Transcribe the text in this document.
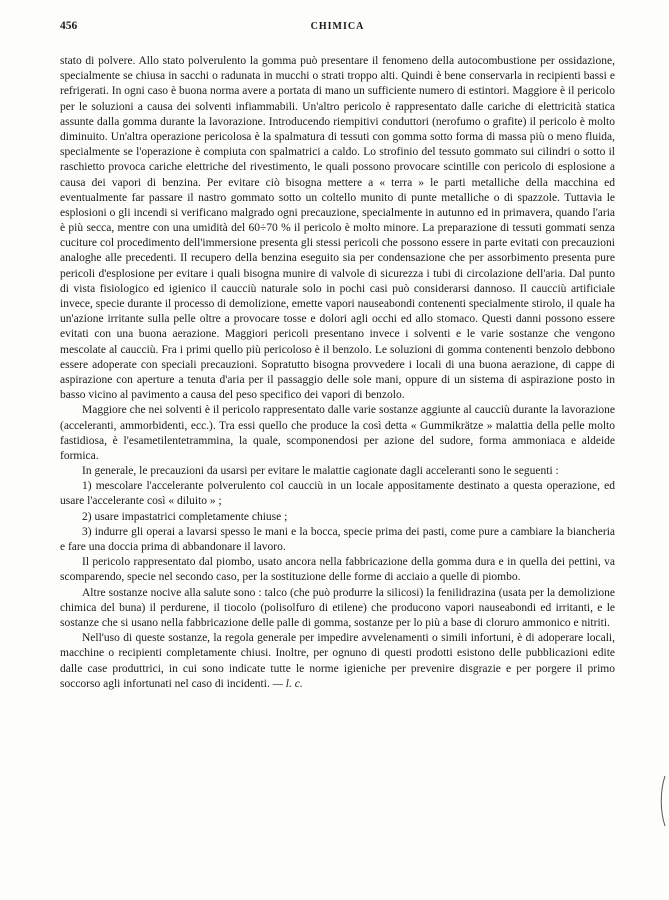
456	CHIMICA

stato di polvere. Allo stato polverulento la gomma può presentare il fenomeno della autocombustione per ossidazione, specialmente se chiusa in sacchi o radunata in mucchi o strati troppo alti. Quindi è bene conservarla in recipienti bassi e refrigerati. In ogni caso è buona norma avere a portata di mano un sufficiente numero di estintori. Maggiore è il pericolo per le soluzioni a causa dei solventi infiammabili. Un'altro pericolo è rappresentato dalle cariche di elettricità statica assunte dalla gomma durante la lavorazione. Introducendo riempitivi conduttori (nerofumo o grafite) il pericolo è molto diminuito. Un'altra operazione pericolosa è la spalmatura di tessuti con gomma sotto forma di massa più o meno fluida, specialmente se l'operazione è compiuta con spalmatrici a caldo. Lo strofinio del tessuto gommato sui cilindri o sotto il raschietto provoca cariche elettriche del rivestimento, le quali possono provocare scintille con pericolo di esplosione a causa dei vapori di benzina. Per evitare ciò bisogna mettere a « terra » le parti metalliche della macchina ed eventualmente far passare il nastro gommato sotto un coltello munito di punte metalliche o di spazzole. Tuttavia le esplosioni o gli incendi si verificano malgrado ogni precauzione, specialmente in autunno ed in primavera, quando l'aria è più secca, mentre con una umidità del 60÷70 % il pericolo è molto minore. La preparazione di tessuti gommati senza cuciture col procedimento dell'immersione presenta gli stessi pericoli che possono essere in parte evitati con precauzioni analoghe alle precedenti. Il recupero della benzina eseguito sia per condensazione che per assorbimento presenta pure pericoli d'esplosione per evitare i quali bisogna munire di valvole di sicurezza i tubi di circolazione dell'aria. Dal punto di vista fisiologico ed igienico il caucciù naturale solo in pochi casi può considerarsi dannoso. Il caucciù artificiale invece, specie durante il processo di demolizione, emette vapori nauseabondi contenenti specialmente stirolo, il quale ha un'azione irritante sulla pelle oltre a provocare tosse e dolori agli occhi ed allo stomaco. Questi danni possono essere evitati con una buona aerazione. Maggiori pericoli presentano invece i solventi e le varie sostanze che vengono mescolate al caucciù. Fra i primi quello più pericoloso è il benzolo. Le soluzioni di gomma contenenti benzolo debbono essere adoperate con speciali precauzioni. Sopratutto bisogna provvedere i locali di una buona aerazione, di cappe di aspirazione con aperture a tenuta d'aria per il passaggio delle sole mani, oppure di un sistema di aspirazione posto in basso vicino al pavimento a causa del peso specifico dei vapori di benzolo.

Maggiore che nei solventi è il pericolo rappresentato dalle varie sostanze aggiunte al caucciù durante la lavorazione (acceleranti, ammorbidenti, ecc.). Tra essi quello che produce la così detta « Gummikrätze » malattia della pelle molto fastidiosa, è l'esametilentetrammina, la quale, scomponendosi per azione del sudore, forma ammoniaca e aldeide formica.

In generale, le precauzioni da usarsi per evitare le malattie cagionate dagli acceleranti sono le seguenti :

1) mescolare l'accelerante polverulento col caucciù in un locale appositamente destinato a questa operazione, ed usare l'accelerante così « diluito » ;

2) usare impastatrici completamente chiuse ;

3) indurre gli operai a lavarsi spesso le mani e la bocca, specie prima dei pasti, come pure a cambiare la biancheria e fare una doccia prima di abbandonare il lavoro.

Il pericolo rappresentato dal piombo, usato ancora nella fabbricazione della gomma dura e in quella dei pettini, va scomparendo, specie nel secondo caso, per la sostituzione delle forme di acciaio a quelle di piombo.

Altre sostanze nocive alla salute sono : talco (che può produrre la silicosi) la fenilidrazina (usata per la demolizione chimica del buna) il perdurene, il tiocolo (polisolfuro di etilene) che producono vapori nauseabondi ed irritanti, e le sostanze che si usano nella fabbricazione delle palle di gomma, sostanze per lo più a base di cloruro ammonico e nitriti.

Nell'uso di queste sostanze, la regola generale per impedire avvelenamenti o simili infortuni, è di adoperare locali, macchine o recipienti completamente chiusi. Inoltre, per ognuno di questi prodotti esistono delle pubblicazioni edite dalle case produttrici, in cui sono indicate tutte le norme igieniche per prevenire disgrazie e per porgere il primo soccorso agli infortunati nel caso di incidenti. — l. c.
